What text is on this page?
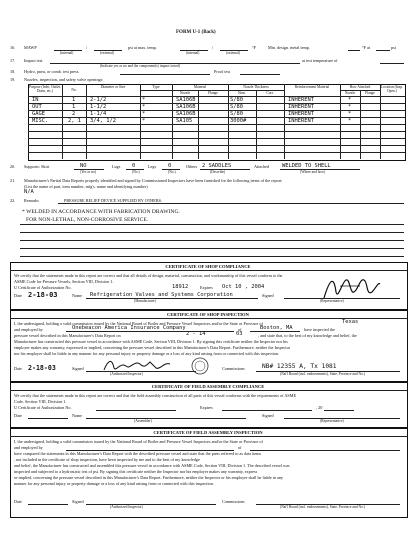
FORM U-1 (Back)
16. MAWP	/	psi at max. temp.	/	°F	Min. design. metal temp.	°F at	psi
(internal)	(external)	(internal)	(external)
17. Impact test	at test temperature of
(Indicate yes or no and the component(s) impact tested)
18. Hydro, pneu, or comb. test press.	Proof test
19. Nozzles, inspection, and safety valve openings:
Purpose (Inlet, Outlet, Drain, etc.)	No.
Diameter or Size	Type	Material	Nozzle Thickness	Reinforcement Material	How Attached	Location (Insp. Open.)
Nozzle	Flange	Nom.	Corr.	Nozzle	Flange
IN	1	2-1/2	*	SA106B	S/80	INHERENT	*
OUT	1	1-1/2	*	SA106B	S/80	INHERENT	*
GAGE	2	1-1/4	*	SA106B	S/80	INHERENT	*
MISC.	2, 1 3/4, 1/2	*	SA105	3000#	INHERENT	*
20. Supports: Skirt	NO	Lugs 0	Legs 0	Others 2 SADDLES	Attached WELDED TO SHELL
(Yes or no)	(No.)	(No.)	(Describe)	(Where and how)
21. Manufacturer's Partial Data Reports properly identified and signed by Commissioned Inspectors have been furnished for the following items of the report:
(List the name of part, item number, mfg's. name and identifying number)
N/A
22. Remarks	PRESSURE RELIEF DEVICE SUPPLIED BY OTHERS.
* WELDED IN ACCORDANCE WITH FABRICATION DRAWING.
FOR NON-LETHAL, NON-CORROSIVE SERVICE.
CERTIFICATE OF SHOP COMPLIANCE
We certify that the statements made in this report are correct and that all details of design, material, construction, and workmanship of this vessel conform to the
ASME Code for Pressure Vessels, Section VIII, Division 1.
U Certificate of Authorization No.	18912	Expires Oct 10 , 2004
Date 2-18-03	Name Refrigeration Valves and Systems Corporation	Signed
(Manufacturer)	(Representative)
CERTIFICATE OF SHOP INSPECTION
I, the undersigned, holding a valid commission issued by the National Board of Boiler and Pressure Vessel Inspectors and/or the State or Province of	Texas
and employed by	Onebeacon America Insurance Company	of	Boston, MA	have inspected the
pressure vessel described in this Manufacturer's Data Report on	2 - 14	03	, and state that, to the best of my knowledge and belief, the
Manufacturer has constructed this pressure vessel in accordance with ASME Code, Section VIII, Division 1. By signing this certificate neither the Inspector nor his
employer makes any warranty, expressed or implied, concerning the pressure vessel described in this Manufacturer's Data Report. Furthermore, neither the Inspector
nor his employer shall be liable in any manner for any personal injury or property damage or a loss of any kind arising from or connected with this inspection.
Date 2-18-03	Signed	Commissions	NB# 12355 A, Tx 1081
(Authorized Inspector)	(Nat'l Board (incl. endorsements), State, Province and No.)
CERTIFICATE OF FIELD ASSEMBLY COMPLIANCE
We certify that the statements made in this report are correct and that the field assembly construction of all parts of this vessel conforms with the requirements of ASME
Code, Section VIII, Division 1.
U Certificate of Authorization No.	Expires	, 20
Date	Name	Signed
(Assembler)	(Representative)
CERTIFICATE OF FIELD ASSEMBLY INSPECTION
I, the undersigned, holding a valid commission issued by the National Board of Boiler and Pressure Vessel Inspectors and/or the State or Province of
and employed by	of
have compared the statements in this Manufacturer's Data Report with the described pressure vessel and state that the parts referred to as data items
, not included in the certificate of shop inspection, have been inspected by me and to the best of my knowledge
and belief, the Manufacturer has constructed and assembled this pressure vessel in accordance with ASME Code, Section VIII, Division 1. The described vessel was
inspected and subjected to a hydrostatic test of psi. By signing this certificate neither the Inspector nor his employer makes any warranty, express
or implied, concerning the pressure vessel described in this Manufacturer's Data Report. Furthermore, neither the Inspector or his employer shall be liable in any
manner for any personal injury or property damage or a loss of any kind arising from or connected with this inspection.
Date	Signed	Commissions
(Authorized Inspector)	(Nat'l Board (incl. endorsements), State, Province and No.)
